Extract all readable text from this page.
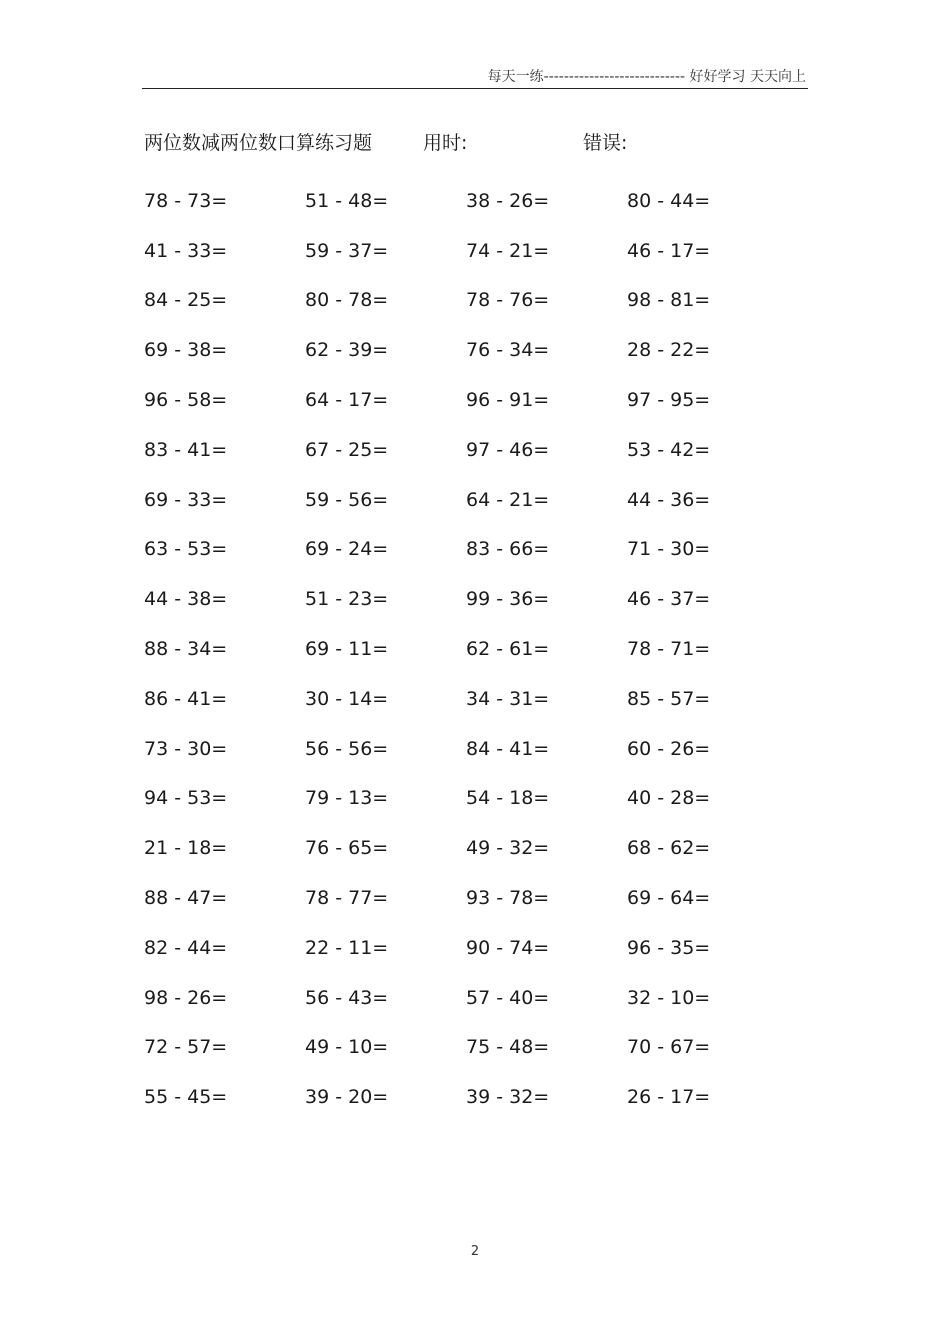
每天一练---------------------------- 好好学习 天天向上
两位数减两位数口算练习题	用时:	错误:
78 - 73=	51 - 48=	38 - 26=	80 - 44=
41 - 33=	59 - 37=	74 - 21=	46 - 17=
84 - 25=	80 - 78=	78 - 76=	98 - 81=
69 - 38=	62 - 39=	76 - 34=	28 - 22=
96 - 58=	64 - 17=	96 - 91=	97 - 95=
83 - 41=	67 - 25=	97 - 46=	53 - 42=
69 - 33=	59 - 56=	64 - 21=	44 - 36=
63 - 53=	69 - 24=	83 - 66=	71 - 30=
44 - 38=	51 - 23=	99 - 36=	46 - 37=
88 - 34=	69 - 11=	62 - 61=	78 - 71=
86 - 41=	30 - 14=	34 - 31=	85 - 57=
73 - 30=	56 - 56=	84 - 41=	60 - 26=
94 - 53=	79 - 13=	54 - 18=	40 - 28=
21 - 18=	76 - 65=	49 - 32=	68 - 62=
88 - 47=	78 - 77=	93 - 78=	69 - 64=
82 - 44=	22 - 11=	90 - 74=	96 - 35=
98 - 26=	56 - 43=	57 - 40=	32 - 10=
72 - 57=	49 - 10=	75 - 48=	70 - 67=
55 - 45=	39 - 20=	39 - 32=	26 - 17=
2
